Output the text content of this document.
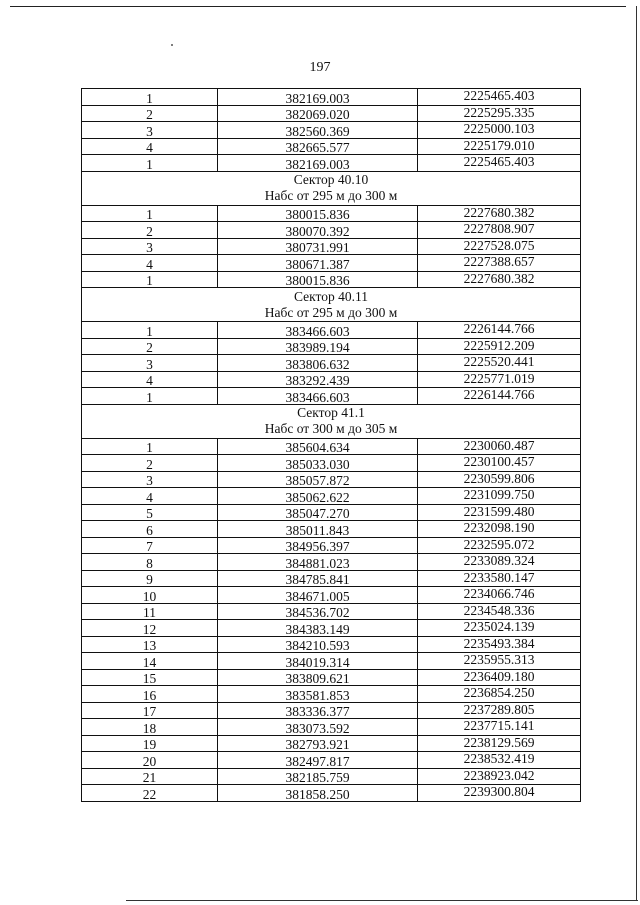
197
1	382169.003	2225465.403
2	382069.020	2225295.335
3	382560.369	2225000.103
4	382665.577	2225179.010
1	382169.003	2225465.403

Сектор 40.10
Набс от 295 м до 300 м		

1	380015.836	2227680.382
2	380070.392	2227808.907
3	380731.991	2227528.075
4	380671.387	2227388.657
1	380015.836	2227680.382

Сектор 40.11
Набс от 295 м до 300 м		

1	383466.603	2226144.766
2	383989.194	2225912.209
3	383806.632	2225520.441
4	383292.439	2225771.019
1	383466.603	2226144.766

Сектор 41.1
Набс от 300 м до 305 м		

1	385604.634	2230060.487
2	385033.030	2230100.457
3	385057.872	2230599.806
4	385062.622	2231099.750
5	385047.270	2231599.480
6	385011.843	2232098.190
7	384956.397	2232595.072
8	384881.023	2233089.324
9	384785.841	2233580.147
10	384671.005	2234066.746
11	384536.702	2234548.336
12	384383.149	2235024.139
13	384210.593	2235493.384
14	384019.314	2235955.313
15	383809.621	2236409.180
16	383581.853	2236854.250
17	383336.377	2237289.805
18	383073.592	2237715.141
19	382793.921	2238129.569
20	382497.817	2238532.419
21	382185.759	2238923.042
22	381858.250	2239300.804
